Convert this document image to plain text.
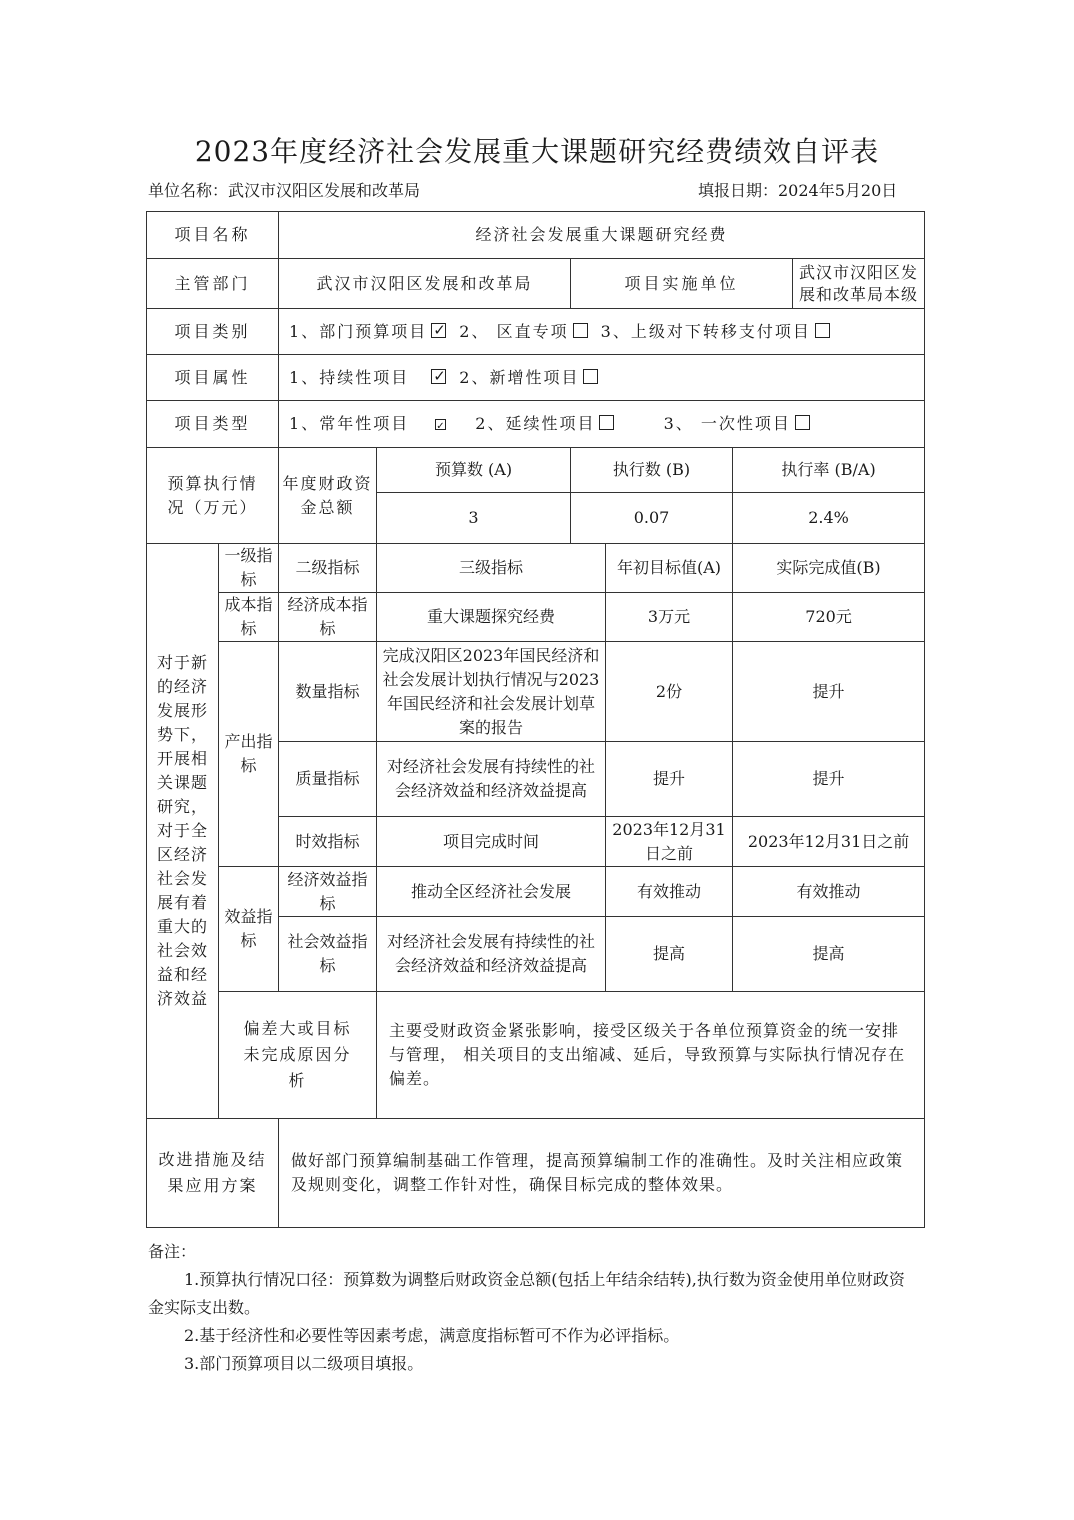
2023年度经济社会发展重大课题研究经费绩效自评表
单位名称：武汉市汉阳区发展和改革局	填报日期：2024年5月20日
项目名称		经济社会发展重大课题研究经费					
主管部门		武汉市汉阳区发展和改革局		项目实施单位			武汉市汉阳区发展和改革局本级
项目类别		1、部门预算项目 ✓ 2、 区直专项 3、上级对下转移支付项目
项目属性		1、持续性项目 ✓ 2、新增性项目
项目类型		1、常年性项目 ✓ 2、延续性项目 3、 一次性项目
预算执行情况（万元）		年度财政资金总额	预算数 (A)	执行数 (B)		执行率 (B/A)	
			3	0.07		2.4%	
对于新的经济发展形势下，开展相关课题研究，对于全区经济社会发展有着重大的社会效益和经济效益	一级指标	二级指标	三级指标		年初目标值(A)	实际完成值(B)	
	成本指标	经济成本指标	重大课题探究经费		3万元	720元	
	产出指标	数量指标	完成汉阳区2023年国民经济和社会发展计划执行情况与2023年国民经济和社会发展计划草案的报告		2份	提升	
		质量指标	对经济社会发展有持续性的社会经济效益和经济效益提高		提升	提升	
		时效指标	项目完成时间		2023年12月31日之前	2023年12月31日之前	
	效益指标	经济效益指标	推动全区经济社会发展		有效推动	有效推动	
		社会效益指标	对经济社会发展有持续性的社会经济效益和经济效益提高		提高	提高	
	偏差大或目标未完成原因分析		主要受财政资金紧张影响，接受区级关于各单位预算资金的统一安排与管理， 相关项目的支出缩减、延后，导致预算与实际执行情况存在偏差。				
改进措施及结果应用方案		做好部门预算编制基础工作管理，提高预算编制工作的准确性。及时关注相应政策及规则变化，调整工作针对性，确保目标完成的整体效果。					

备注：

1.预算执行情况口径：预算数为调整后财政资金总额(包括上年结余结转),执行数为资金使用单位财政资金实际支出数。

2.基于经济性和必要性等因素考虑，满意度指标暂可不作为必评指标。

3.部门预算项目以二级项目填报。
